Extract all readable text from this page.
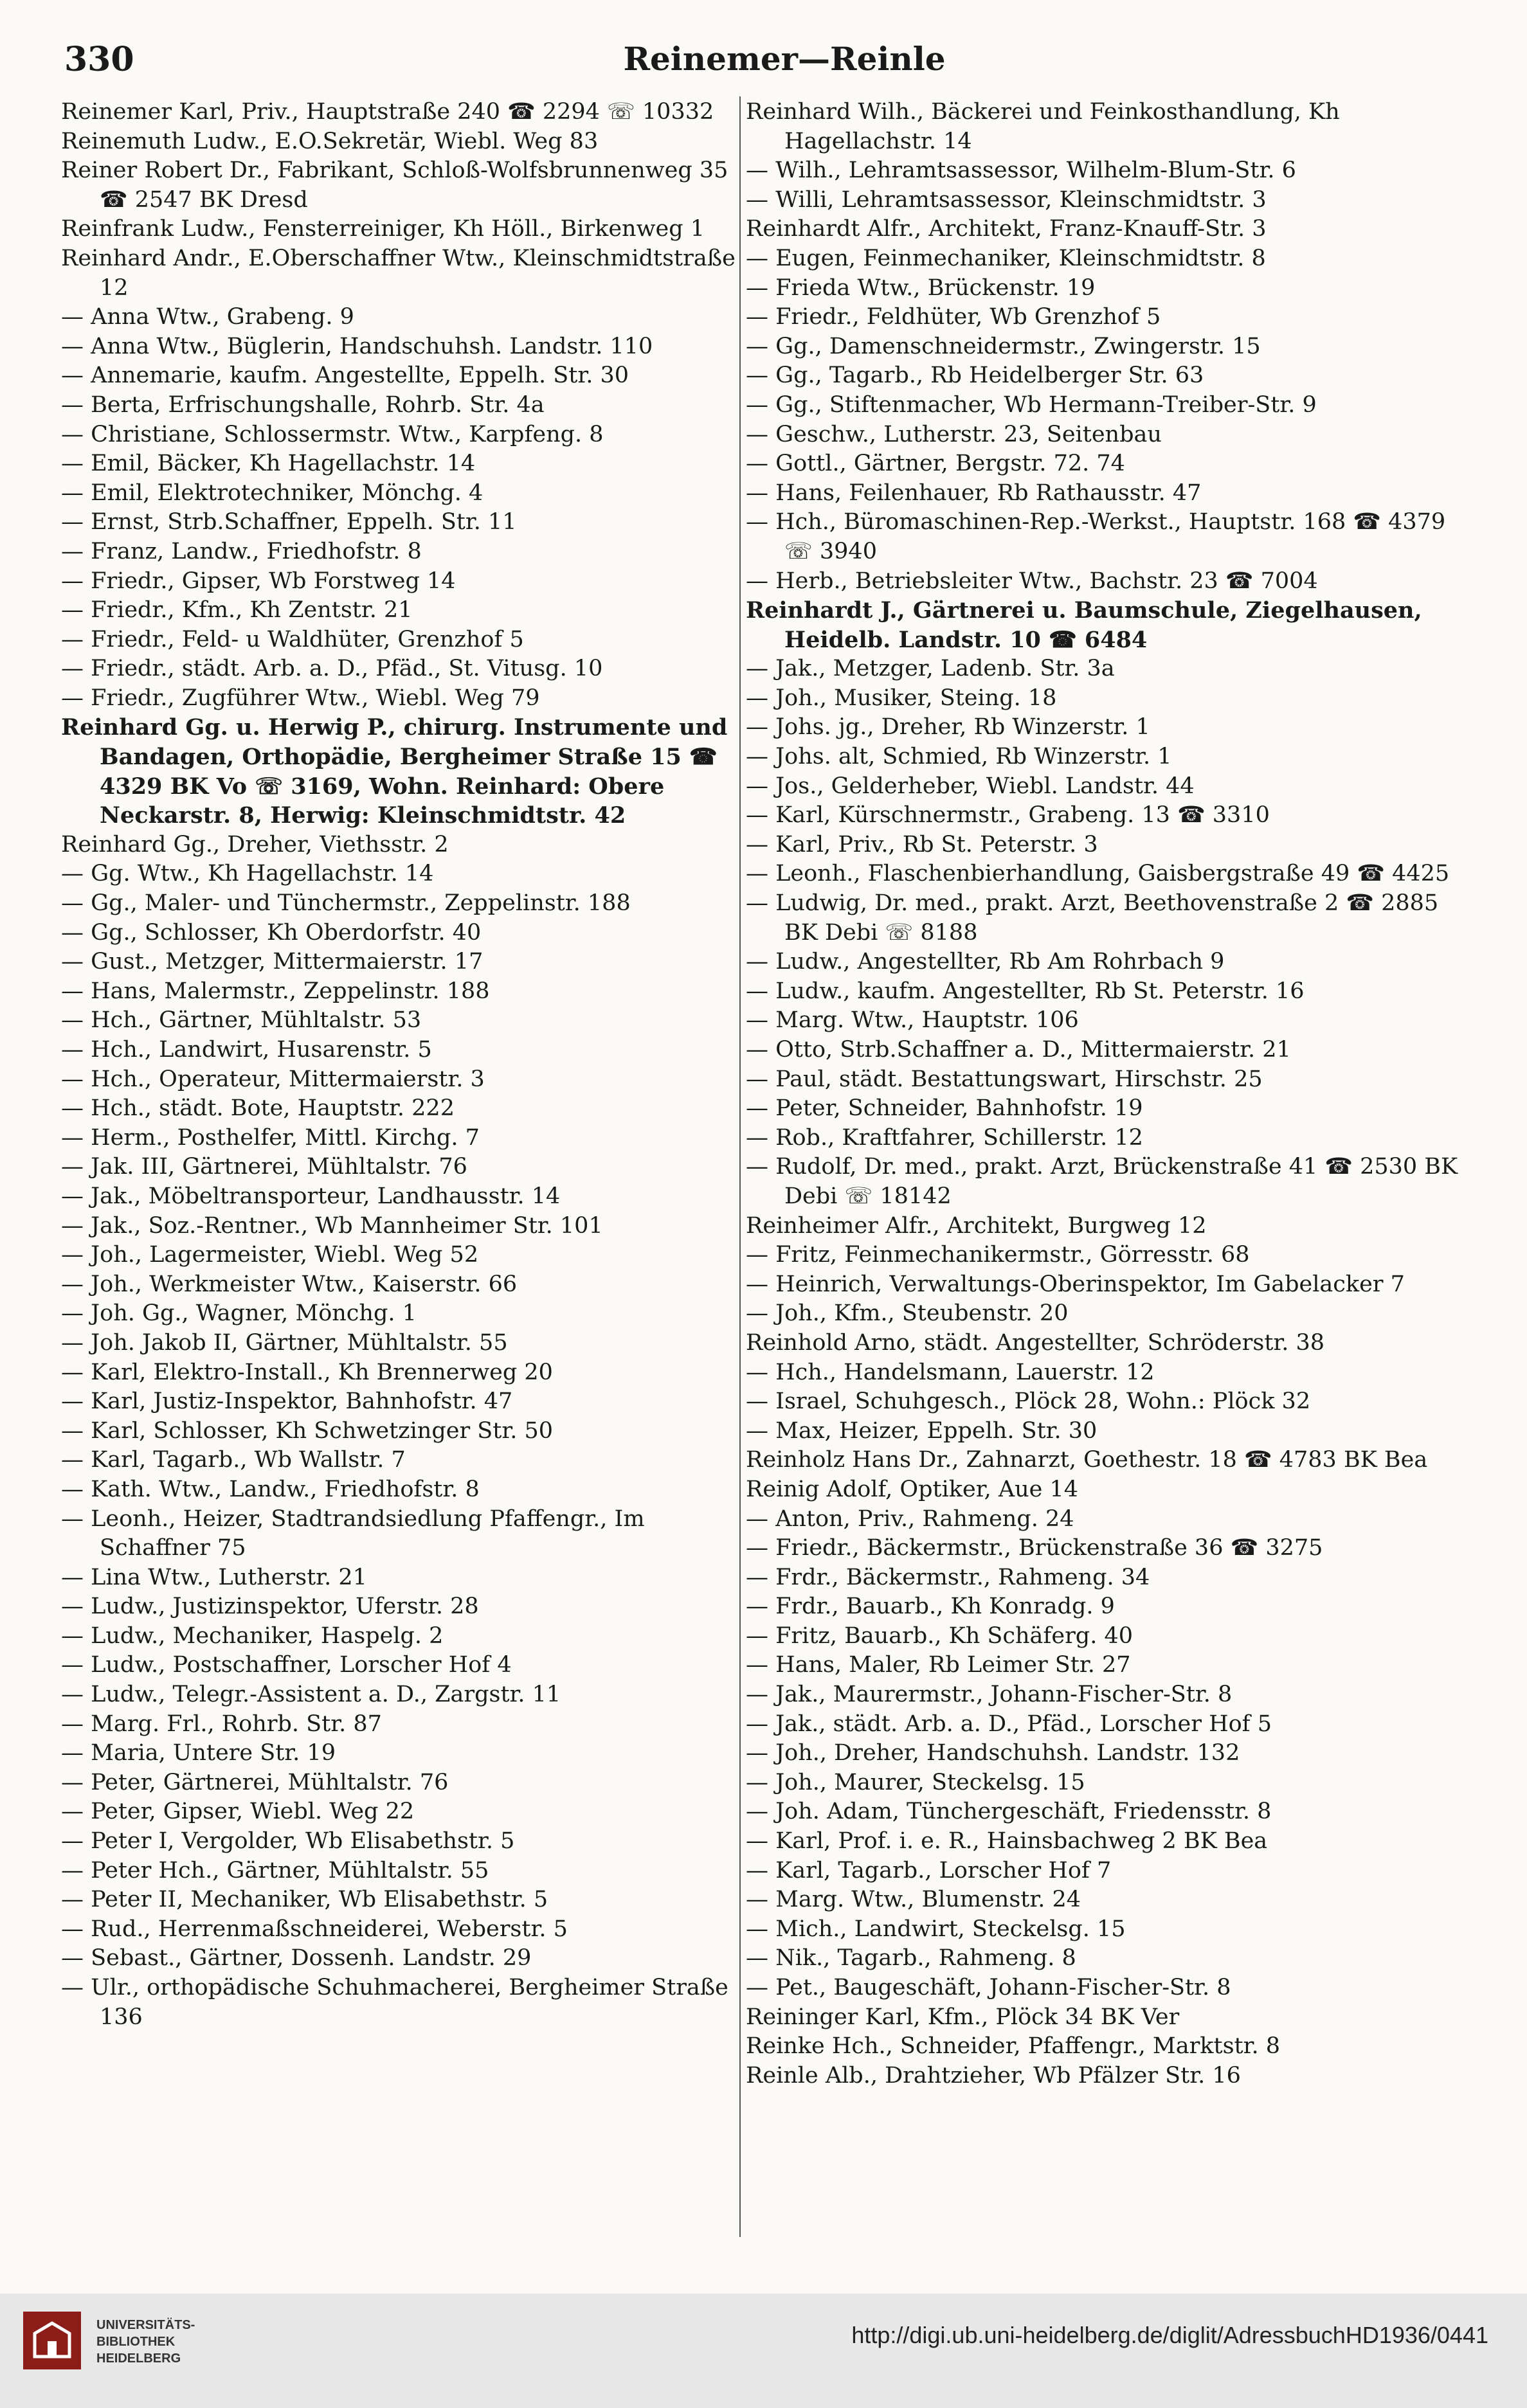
330	Reinemer—Reinle

Reinemer Karl, Priv., Hauptstraße 240 ☎ 2294 ☏ 10332

Reinemuth Ludw., E.O.Sekretär, Wiebl. Weg 83

Reiner Robert Dr., Fabrikant, Schloß-Wolfsbrunnenweg 35 ☎ 2547 BK Dresd

Reinfrank Ludw., Fensterreiniger, Kh Höll., Birkenweg 1

Reinhard Andr., E.Oberschaffner Wtw., Kleinschmidtstraße 12

— Anna Wtw., Grabeng. 9

— Anna Wtw., Büglerin, Handschuhsh. Landstr. 110

— Annemarie, kaufm. Angestellte, Eppelh. Str. 30

— Berta, Erfrischungshalle, Rohrb. Str. 4a

— Christiane, Schlossermstr. Wtw., Karpfeng. 8

— Emil, Bäcker, Kh Hagellachstr. 14

— Emil, Elektrotechniker, Mönchg. 4

— Ernst, Strb.Schaffner, Eppelh. Str. 11

— Franz, Landw., Friedhofstr. 8

— Friedr., Gipser, Wb Forstweg 14

— Friedr., Kfm., Kh Zentstr. 21

— Friedr., Feld- u Waldhüter, Grenzhof 5

— Friedr., städt. Arb. a. D., Pfäd., St. Vitusg. 10

— Friedr., Zugführer Wtw., Wiebl. Weg 79

Reinhard Gg. u. Herwig P., chirurg. Instrumente und Bandagen, Orthopädie, Bergheimer Straße 15 ☎ 4329 BK Vo ☏ 3169, Wohn. Reinhard: Obere Neckarstr. 8, Herwig: Kleinschmidtstr. 42

Reinhard Gg., Dreher, Viethsstr. 2

— Gg. Wtw., Kh Hagellachstr. 14

— Gg., Maler- und Tünchermstr., Zeppelinstr. 188

— Gg., Schlosser, Kh Oberdorfstr. 40

— Gust., Metzger, Mittermaierstr. 17

— Hans, Malermstr., Zeppelinstr. 188

— Hch., Gärtner, Mühltalstr. 53

— Hch., Landwirt, Husarenstr. 5

— Hch., Operateur, Mittermaierstr. 3

— Hch., städt. Bote, Hauptstr. 222

— Herm., Posthelfer, Mittl. Kirchg. 7

— Jak. III, Gärtnerei, Mühltalstr. 76

— Jak., Möbeltransporteur, Landhausstr. 14

— Jak., Soz.-Rentner., Wb Mannheimer Str. 101

— Joh., Lagermeister, Wiebl. Weg 52

— Joh., Werkmeister Wtw., Kaiserstr. 66

— Joh. Gg., Wagner, Mönchg. 1

— Joh. Jakob II, Gärtner, Mühltalstr. 55

— Karl, Elektro-Install., Kh Brennerweg 20

— Karl, Justiz-Inspektor, Bahnhofstr. 47

— Karl, Schlosser, Kh Schwetzinger Str. 50

— Karl, Tagarb., Wb Wallstr. 7

— Kath. Wtw., Landw., Friedhofstr. 8

— Leonh., Heizer, Stadtrandsiedlung Pfaffengr., Im Schaffner 75

— Lina Wtw., Lutherstr. 21

— Ludw., Justizinspektor, Uferstr. 28

— Ludw., Mechaniker, Haspelg. 2

— Ludw., Postschaffner, Lorscher Hof 4

— Ludw., Telegr.-Assistent a. D., Zargstr. 11

— Marg. Frl., Rohrb. Str. 87

— Maria, Untere Str. 19

— Peter, Gärtnerei, Mühltalstr. 76

— Peter, Gipser, Wiebl. Weg 22

— Peter I, Vergolder, Wb Elisabethstr. 5

— Peter Hch., Gärtner, Mühltalstr. 55

— Peter II, Mechaniker, Wb Elisabethstr. 5

— Rud., Herrenmaßschneiderei, Weberstr. 5

— Sebast., Gärtner, Dossenh. Landstr. 29

— Ulr., orthopädische Schuhmacherei, Bergheimer Straße 136

Reinhard Wilh., Bäckerei und Feinkosthandlung, Kh Hagellachstr. 14

— Wilh., Lehramtsassessor, Wilhelm-Blum-Str. 6

— Willi, Lehramtsassessor, Kleinschmidtstr. 3

Reinhardt Alfr., Architekt, Franz-Knauff-Str. 3

— Eugen, Feinmechaniker, Kleinschmidtstr. 8

— Frieda Wtw., Brückenstr. 19

— Friedr., Feldhüter, Wb Grenzhof 5

— Gg., Damenschneidermstr., Zwingerstr. 15

— Gg., Tagarb., Rb Heidelberger Str. 63

— Gg., Stiftenmacher, Wb Hermann-Treiber-Str. 9

— Geschw., Lutherstr. 23, Seitenbau

— Gottl., Gärtner, Bergstr. 72. 74

— Hans, Feilenhauer, Rb Rathausstr. 47

— Hch., Büromaschinen-Rep.-Werkst., Hauptstr. 168 ☎ 4379 ☏ 3940

— Herb., Betriebsleiter Wtw., Bachstr. 23 ☎ 7004

Reinhardt J., Gärtnerei u. Baumschule, Ziegelhausen, Heidelb. Landstr. 10 ☎ 6484

— Jak., Metzger, Ladenb. Str. 3a

— Joh., Musiker, Steing. 18

— Johs. jg., Dreher, Rb Winzerstr. 1

— Johs. alt, Schmied, Rb Winzerstr. 1

— Jos., Gelderheber, Wiebl. Landstr. 44

— Karl, Kürschnermstr., Grabeng. 13 ☎ 3310

— Karl, Priv., Rb St. Peterstr. 3

— Leonh., Flaschenbierhandlung, Gaisbergstraße 49 ☎ 4425

— Ludwig, Dr. med., prakt. Arzt, Beethovenstraße 2 ☎ 2885 BK Debi ☏ 8188

— Ludw., Angestellter, Rb Am Rohrbach 9

— Ludw., kaufm. Angestellter, Rb St. Peterstr. 16

— Marg. Wtw., Hauptstr. 106

— Otto, Strb.Schaffner a. D., Mittermaierstr. 21

— Paul, städt. Bestattungswart, Hirschstr. 25

— Peter, Schneider, Bahnhofstr. 19

— Rob., Kraftfahrer, Schillerstr. 12

— Rudolf, Dr. med., prakt. Arzt, Brückenstraße 41 ☎ 2530 BK Debi ☏ 18142

Reinheimer Alfr., Architekt, Burgweg 12

— Fritz, Feinmechanikermstr., Görresstr. 68

— Heinrich, Verwaltungs-Oberinspektor, Im Gabelacker 7

— Joh., Kfm., Steubenstr. 20

Reinhold Arno, städt. Angestellter, Schröderstr. 38

— Hch., Handelsmann, Lauerstr. 12

— Israel, Schuhgesch., Plöck 28, Wohn.: Plöck 32

— Max, Heizer, Eppelh. Str. 30

Reinholz Hans Dr., Zahnarzt, Goethestr. 18 ☎ 4783 BK Bea

Reinig Adolf, Optiker, Aue 14

— Anton, Priv., Rahmeng. 24

— Friedr., Bäckermstr., Brückenstraße 36 ☎ 3275

— Frdr., Bäckermstr., Rahmeng. 34

— Frdr., Bauarb., Kh Konradg. 9

— Fritz, Bauarb., Kh Schäferg. 40

— Hans, Maler, Rb Leimer Str. 27

— Jak., Maurermstr., Johann-Fischer-Str. 8

— Jak., städt. Arb. a. D., Pfäd., Lorscher Hof 5

— Joh., Dreher, Handschuhsh. Landstr. 132

— Joh., Maurer, Steckelsg. 15

— Joh. Adam, Tünchergeschäft, Friedensstr. 8

— Karl, Prof. i. e. R., Hainsbachweg 2 BK Bea

— Karl, Tagarb., Lorscher Hof 7

— Marg. Wtw., Blumenstr. 24

— Mich., Landwirt, Steckelsg. 15

— Nik., Tagarb., Rahmeng. 8

— Pet., Baugeschäft, Johann-Fischer-Str. 8

Reininger Karl, Kfm., Plöck 34 BK Ver

Reinke Hch., Schneider, Pfaffengr., Marktstr. 8

Reinle Alb., Drahtzieher, Wb Pfälzer Str. 16

UNIVERSITÄTS-
BIBLIOTHEK
HEIDELBERG
http://digi.ub.uni-heidelberg.de/diglit/AdressbuchHD1936/0441
